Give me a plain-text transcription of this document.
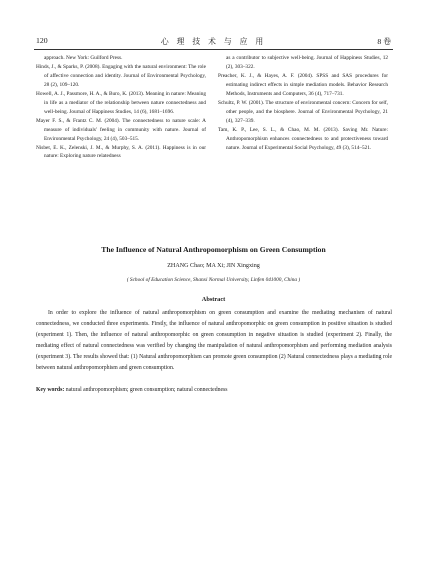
120	心 理 技 术 与 应 用	8 卷

approach. New York: Guilford Press.

Hinds, J., & Sparks, P. (2008). Engaging with the natural environment: The role of affective connection and identity. Journal of Environmental Psychology, 28 (2), 109–120.

Howell, A. J., Passmore, H. A., & Buro, K. (2013). Meaning in nature: Meaning in life as a mediator of the relationship between nature connectedness and well-being. Journal of Happiness Studies, 14 (6), 1681–1696.

Mayer F. S., & Frantz C. M. (2004). The connectedness to nature scale: A measure of individuals' feeling in community with nature. Journal of Environmental Psychology, 24 (4), 503–515.

Nisbet, E. K., Zelenski, J. M., & Murphy, S. A. (2011). Happiness is in our nature: Exploring nature relatedness

as a contributor to subjective well-being. Journal of Happiness Studies, 12 (2), 303–322.

Preacher, K. J., & Hayes, A. F. (2004). SPSS and SAS procedures for estimating indirect effects in simple mediation models. Behavior Research Methods, Instruments and Computers, 36 (4), 717–731.

Schultz, P. W. (2001). The structure of environmental concern: Concern for self, other people, and the biosphere. Journal of Environmental Psychology, 21 (4), 327–339.

Tam, K. P., Lee, S. L., & Chao, M. M. (2013). Saving Mr. Nature: Anthropomorphism enhances connectedness to and protectiveness toward nature. Journal of Experimental Social Psychology, 49 (3), 514–521.

The Influence of Natural Anthropomorphism on Green Consumption
ZHANG Chao; MA Xi; JIN Xingxing
( School of Education Science, Shanxi Normal University, Linfen 041000, China )
Abstract

In order to explore the influence of natural anthropomorphism on green consumption and examine the mediating mechanism of natural connectedness, we conducted three experiments. Firstly, the influence of natural anthropomorphic on green consumption in positive situation is studied (experiment 1). Then, the influence of natural anthropomorphic on green consumption in negative situation is studied (experiment 2). Finally, the mediating effect of natural connectedness was verified by changing the manipulation of natural anthropomorphism and performing mediation analysis (experiment 3). The results showed that: (1) Natural anthropomorphism can promote green consumption (2) Natural connectedness plays a mediating role between natural anthropomorphism and green consumption.

Key words: natural anthropomorphism; green consumption; natural connectedness
